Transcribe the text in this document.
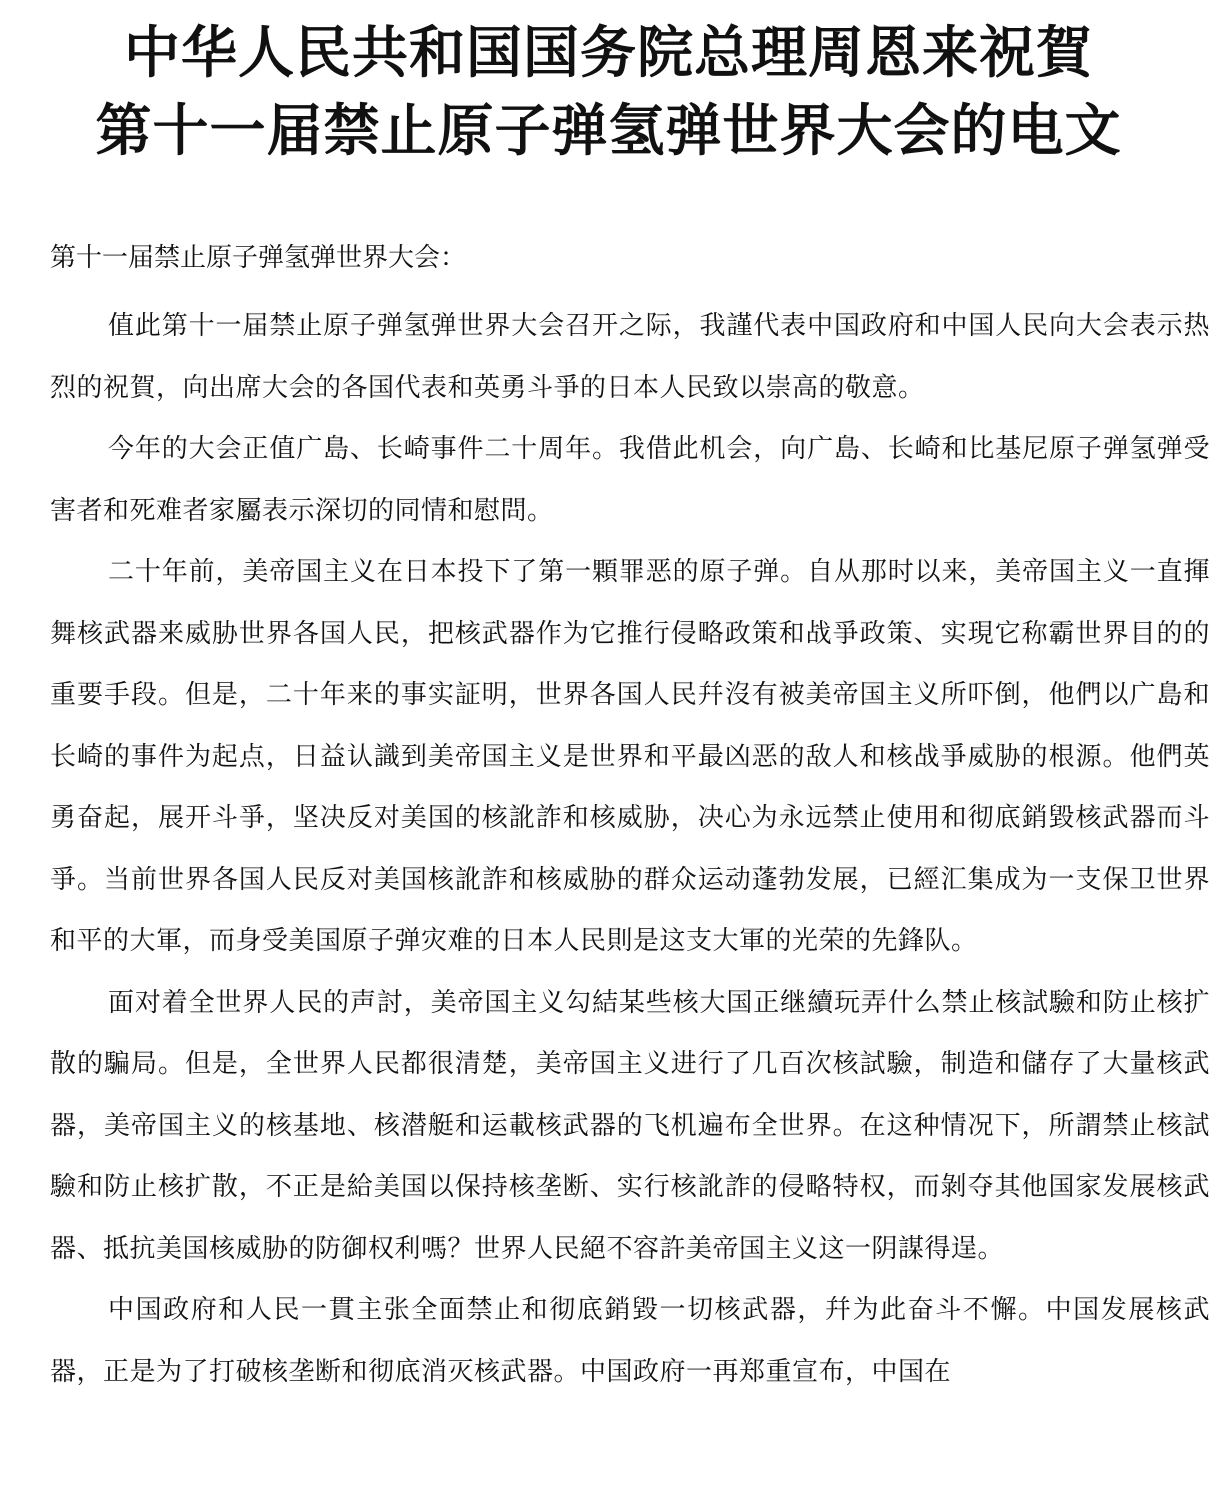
中华人民共和国国务院总理周恩来祝賀
第十一届禁止原子弹氢弹世界大会的电文

第十一届禁止原子弹氢弹世界大会：

值此第十一届禁止原子弹氢弹世界大会召开之际，我謹代表中国政府和中国人民向大会表示热烈的祝賀，向出席大会的各国代表和英勇斗爭的日本人民致以崇高的敬意。

今年的大会正值广島、长崎事件二十周年。我借此机会，向广島、长崎和比基尼原子弹氢弹受害者和死难者家屬表示深切的同情和慰問。

二十年前，美帝国主义在日本投下了第一顆罪恶的原子弹。自从那时以来，美帝国主义一直揮舞核武器来威胁世界各国人民，把核武器作为它推行侵略政策和战爭政策、实現它称霸世界目的的重要手段。但是，二十年来的事实証明，世界各国人民幷沒有被美帝国主义所吓倒，他們以广島和长崎的事件为起点，日益认識到美帝国主义是世界和平最凶恶的敌人和核战爭威胁的根源。他們英勇奋起，展开斗爭，坚决反对美国的核訛詐和核威胁，决心为永远禁止使用和彻底銷毀核武器而斗爭。当前世界各国人民反对美国核訛詐和核威胁的群众运动蓬勃发展，已經汇集成为一支保卫世界和平的大軍，而身受美国原子弹灾难的日本人民則是这支大軍的光荣的先鋒队。

面对着全世界人民的声討，美帝国主义勾結某些核大国正继續玩弄什么禁止核試驗和防止核扩散的騙局。但是，全世界人民都很清楚，美帝国主义进行了几百次核試驗，制造和儲存了大量核武器，美帝国主义的核基地、核潜艇和运載核武器的飞机遍布全世界。在这种情况下，所謂禁止核試驗和防止核扩散，不正是給美国以保持核垄断、实行核訛詐的侵略特权，而剝夺其他国家发展核武器、抵抗美国核威胁的防御权利嗎？世界人民絕不容許美帝国主义这一阴謀得逞。

中国政府和人民一貫主张全面禁止和彻底銷毀一切核武器，幷为此奋斗不懈。中国发展核武器，正是为了打破核垄断和彻底消灭核武器。中国政府一再郑重宣布，中国在
